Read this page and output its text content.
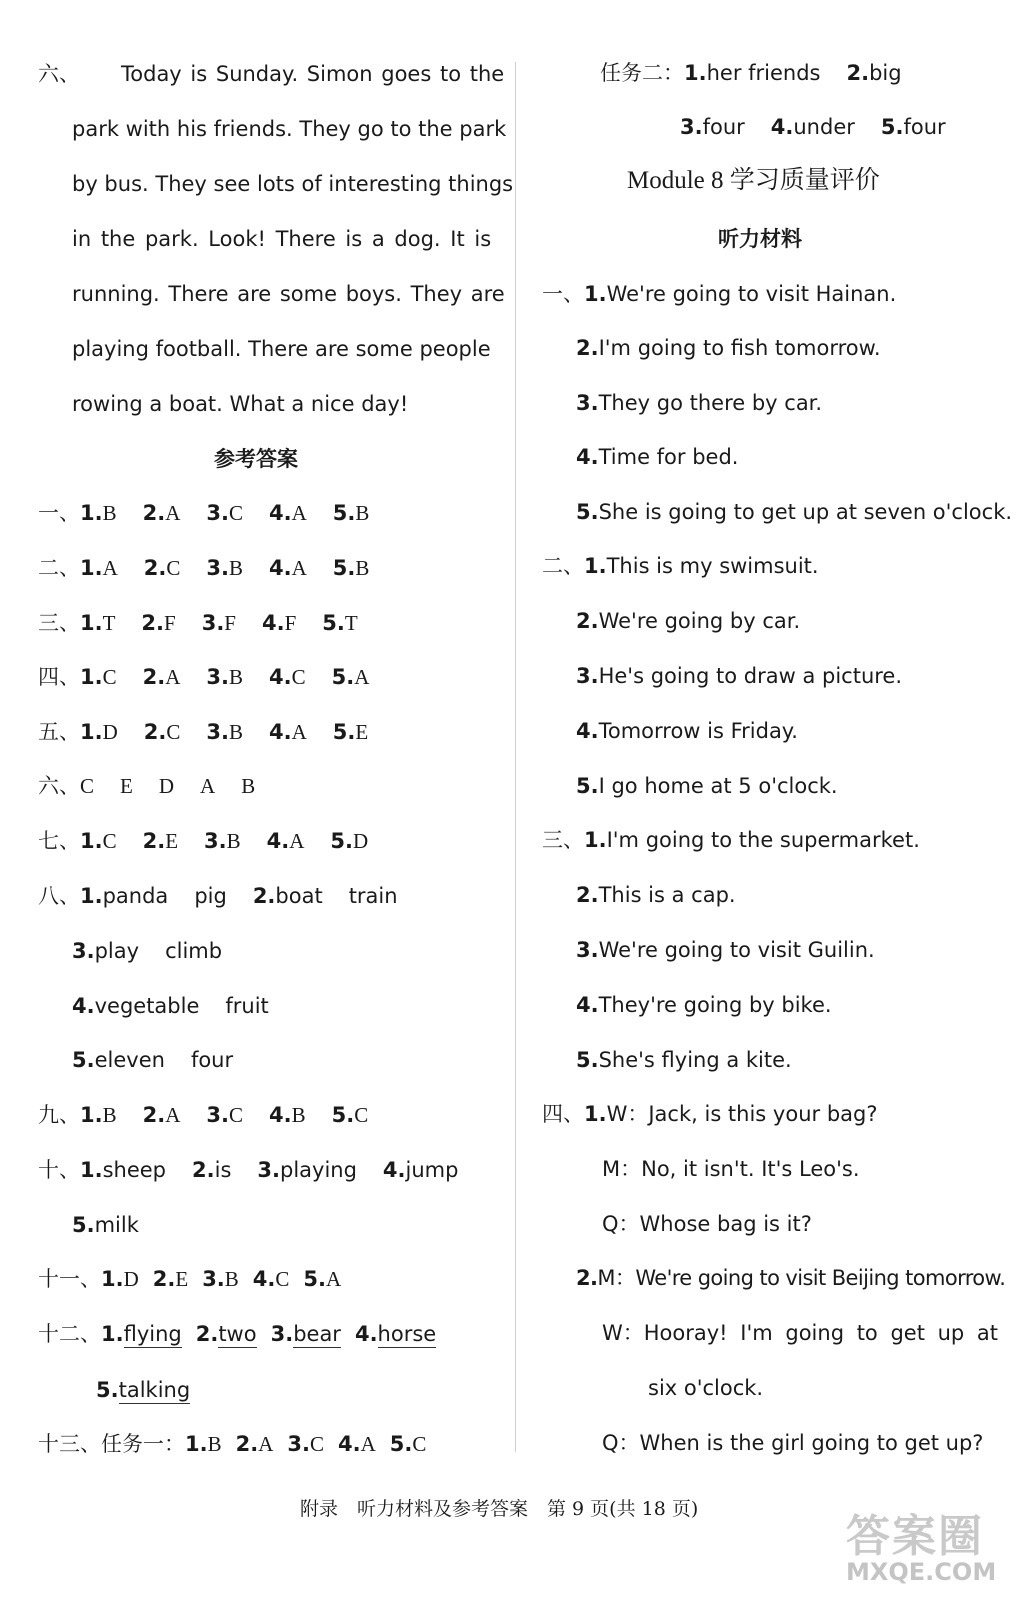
六、 Today is Sunday. Simon goes to the
park with his friends. They go to the park
by bus. They see lots of interesting things
in the park. Look! There is a dog. It is
running. There are some boys. They are
playing football. There are some people
rowing a boat. What a nice day!
参考答案
一、1.B 2.A 3.C 4.A 5.B
二、1.A 2.C 3.B 4.A 5.B
三、1.T 2.F 3.F 4.F 5.T
四、1.C 2.A 3.B 4.C 5.A
五、1.D 2.C 3.B 4.A 5.E
六、C E D A B
七、1.C 2.E 3.B 4.A 5.D
八、1.panda pig 2.boat train
3.play climb
4.vegetable fruit
5.eleven four
九、1.B 2.A 3.C 4.B 5.C
十、1.sheep 2.is 3.playing 4.jump
5.milk
十一、1.D 2.E 3.B 4.C 5.A
十二、1.flying 2.two 3.bear 4.horse
5.talking
十三、任务一：1.B 2.A 3.C 4.A 5.C
任务二：1.her friends 2.big
3.four 4.under 5.four
Module 8 学习质量评价
听力材料
一、1.We're going to visit Hainan.
2.I'm going to fish tomorrow.
3.They go there by car.
4.Time for bed.
5.She is going to get up at seven o'clock.
二、1.This is my swimsuit.
2.We're going by car.
3.He's going to draw a picture.
4.Tomorrow is Friday.
5.I go home at 5 o'clock.
三、1.I'm going to the supermarket.
2.This is a cap.
3.We're going to visit Guilin.
4.They're going by bike.
5.She's flying a kite.
四、1.W：Jack, is this your bag?
M：No, it isn't. It's Leo's.
Q：Whose bag is it?
2.M：We're going to visit Beijing tomorrow.
W：Hooray! I'm going to get up at
six o'clock.
Q：When is the girl going to get up?
附录　听力材料及参考答案　第 9 页(共 18 页)
答案圈
MXQE.COM
